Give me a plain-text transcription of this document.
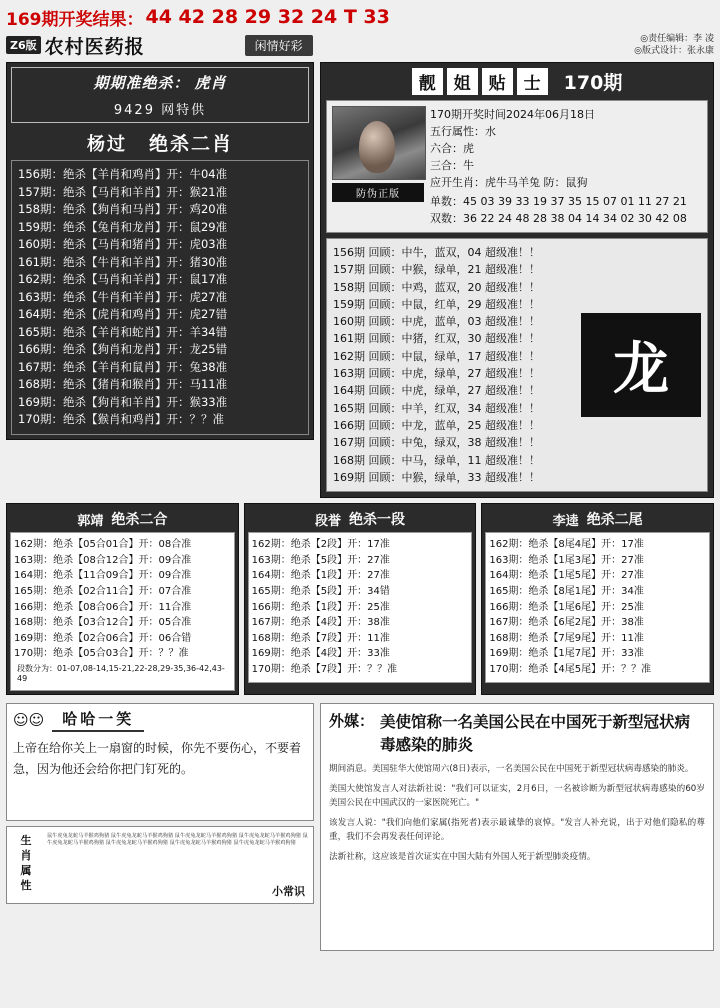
169期开奖结果： 44 42 28 29 32 24 T 33
Z6版 农村医药报	闲情好彩	◎责任编辑：李 凌
◎版式设计：张永康
期期准绝杀： 虎肖
9429 网特供
杨过 绝杀二肖
156期：绝杀【羊肖和鸡肖】开：牛04准
157期：绝杀【马肖和羊肖】开：猴21准
158期：绝杀【狗肖和马肖】开：鸡20准
159期：绝杀【兔肖和龙肖】开：鼠29准
160期：绝杀【马肖和猪肖】开：虎03准
161期：绝杀【牛肖和羊肖】开：猪30准
162期：绝杀【马肖和羊肖】开：鼠17准
163期：绝杀【牛肖和羊肖】开：虎27准
164期：绝杀【虎肖和鸡肖】开：虎27错
165期：绝杀【羊肖和蛇肖】开：羊34错
166期：绝杀【狗肖和龙肖】开：龙25错
167期：绝杀【羊肖和鼠肖】开：兔38准
168期：绝杀【猪肖和猴肖】开：马11准
169期：绝杀【狗肖和羊肖】开：猴33准
170期：绝杀【猴肖和鸡肖】开：？？准
靓	姐	贴	士	170期
防伪正版
170期开奖时间2024年06月18日
五行属性：水
六合：虎
三合：牛
应开生肖：虎牛马羊兔 防：鼠狗
单数：45 03 39 33 19 37 35 15 07 01 11 27 21
双数：36 22 24 48 28 38 04 14 34 02 30 42 08
156期 回顾：中牛，蓝双，04 超级准！！
157期 回顾：中猴，绿单，21 超级准！！
158期 回顾：中鸡，蓝双，20 超级准！！
159期 回顾：中鼠，红单，29 超级准！！
160期 回顾：中虎，蓝单，03 超级准！！
161期 回顾：中猪，红双，30 超级准！！
162期 回顾：中鼠，绿单，17 超级准！！
163期 回顾：中虎，绿单，27 超级准！！
164期 回顾：中虎，绿单，27 超级准！！
165期 回顾：中羊，红双，34 超级准！！
166期 回顾：中龙，蓝单，25 超级准！！
167期 回顾：中兔，绿双，38 超级准！！
168期 回顾：中马，绿单，11 超级准！！
169期 回顾：中猴，绿单，33 超级准！！
龙
郭靖 绝杀二合
162期：绝杀【05合01合】开：08合准
163期：绝杀【08合12合】开：09合准
164期：绝杀【11合09合】开：09合准
165期：绝杀【02合11合】开：07合准
166期：绝杀【08合06合】开：11合准
168期：绝杀【03合12合】开：05合准
169期：绝杀【02合06合】开：06合错
170期：绝杀【05合03合】开：？？准
段数分为：01-07,08-14,15-21,22-28,29-35,36-42,43-49
段誉 绝杀一段
162期：绝杀【2段】开：17准
163期：绝杀【5段】开：27准
164期：绝杀【1段】开：27准
165期：绝杀【5段】开：34错
166期：绝杀【1段】开：25准
167期：绝杀【4段】开：38准
168期：绝杀【7段】开：11准
169期：绝杀【4段】开：33准
170期：绝杀【7段】开：？？准
李逵 绝杀二尾
162期：绝杀【8尾4尾】开：17准
163期：绝杀【1尾3尾】开：27准
164期：绝杀【1尾5尾】开：27准
165期：绝杀【8尾1尾】开：34准
166期：绝杀【1尾6尾】开：25准
167期：绝杀【6尾2尾】开：38准
168期：绝杀【7尾9尾】开：11准
169期：绝杀【1尾7尾】开：33准
170期：绝杀【4尾5尾】开：？？准
☺☺	哈哈一笑
上帝在给你关上一扇窗的时候，你先不要伤心，不要着急，因为他还会给你把门钉死的。
生肖属性
鼠牛虎兔龙蛇马羊猴鸡狗猪 鼠牛虎兔龙蛇马羊猴鸡狗猪 鼠牛虎兔龙蛇马羊猴鸡狗猪 鼠牛虎兔龙蛇马羊猴鸡狗猪 鼠牛虎兔龙蛇马羊猴鸡狗猪 鼠牛虎兔龙蛇马羊猴鸡狗猪 鼠牛虎兔龙蛇马羊猴鸡狗猪 鼠牛虎兔龙蛇马羊猴鸡狗猪
小常识
外媒： 美使馆称一名美国公民在中国死于新型冠状病毒感染的肺炎

期间消息。美国驻华大使馆周六(8日)表示，一名美国公民在中国死于新型冠状病毒感染的肺炎。

美国大使馆发言人对法新社说："我们可以证实，2月6日，一名被诊断为新型冠状病毒感染的60岁美国公民在中国武汉的一家医院死亡。"

该发言人说："我们向他们家属(指死者)表示最诚挚的哀悼。"发言人补充说，出于对他们隐私的尊重，我们不会再发表任何评论。

法新社称，这应该是首次证实在中国大陆有外国人死于新型肺炎疫情。
